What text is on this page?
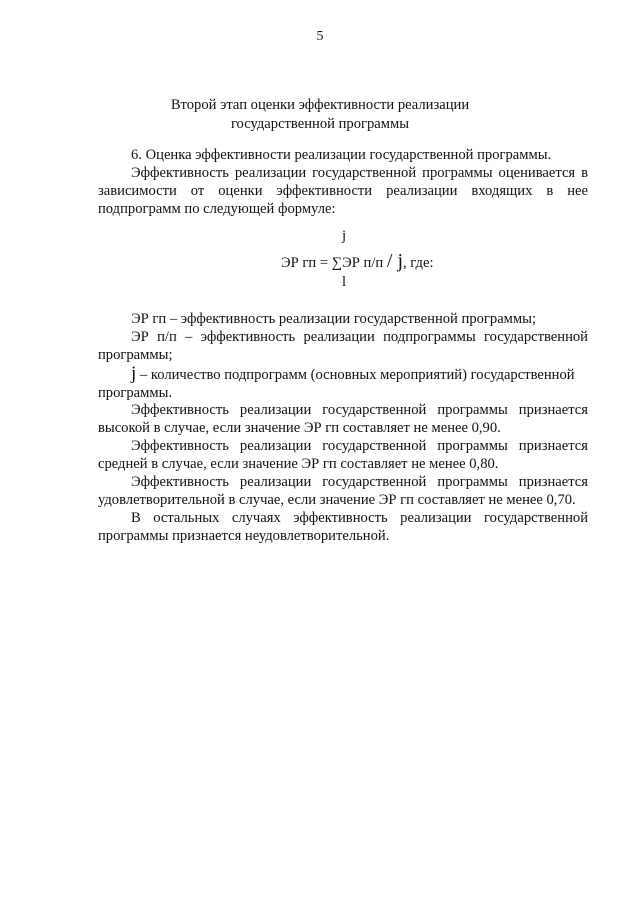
5
Второй этап оценки эффективности реализации
государственной программы
6. Оценка эффективности реализации государственной программы.
Эффективность реализации государственной программы оценивается в
зависимости от оценки эффективности реализации входящих в нее
подпрограмм по следующей формуле:
j
ЭР гп = ∑ЭР п/п / j, где:
l
ЭР гп – эффективность реализации государственной программы;
ЭР п/п – эффективность реализации подпрограммы государственной
программы;
j – количество подпрограмм (основных мероприятий) государственной
программы.
Эффективность реализации государственной программы признается
высокой в случае, если значение ЭР гп составляет не менее 0,90.
Эффективность реализации государственной программы признается
средней в случае, если значение ЭР гп составляет не менее 0,80.
Эффективность реализации государственной программы признается
удовлетворительной в случае, если значение ЭР гп составляет не менее 0,70.
В остальных случаях эффективность реализации государственной
программы признается неудовлетворительной.
